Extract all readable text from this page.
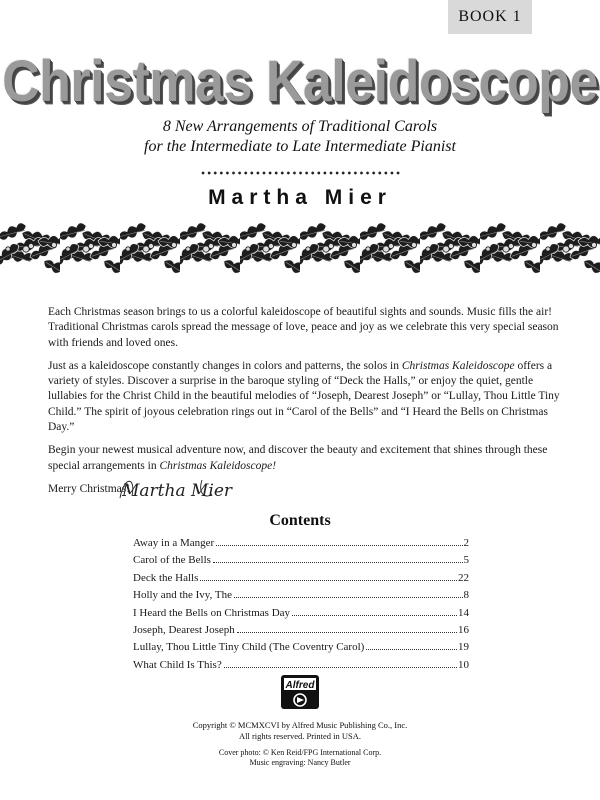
BOOK 1
Christmas Kaleidoscope
8 New Arrangements of Traditional Carols
for the Intermediate to Late Intermediate Pianist
Martha Mier

Each Christmas season brings to us a colorful kaleidoscope of beautiful sights and sounds. Music fills the air! Traditional Christmas carols spread the message of love, peace and joy as we celebrate this very special season with friends and loved ones.

Just as a kaleidoscope constantly changes in colors and patterns, the solos in Christmas Kaleidoscope offers a variety of styles. Discover a surprise in the baroque styling of “Deck the Halls,” or enjoy the quiet, gentle lullabies for the Christ Child in the beautiful melodies of “Joseph, Dearest Joseph” or “Lullay, Thou Little Tiny Child.” The spirit of joyous celebration rings out in “Carol of the Bells” and “I Heard the Bells on Christmas Day.”

Begin your newest musical adventure now, and discover the beauty and excitement that shines through these special arrangements in Christmas Kaleidoscope!

Merry Christmas!

Martha Mier
Contents
Away in a Manger	2
Carol of the Bells	5
Deck the Halls	22
Holly and the Ivy, The	8
I Heard the Bells on Christmas Day	14
Joseph, Dearest Joseph	16
Lullay, Thou Little Tiny Child (The Coventry Carol)	19
What Child Is This?	10
Alfred
Copyright © MCMXCVI by Alfred Music Publishing Co., Inc.
All rights reserved. Printed in USA.
Cover photo: © Ken Reid/FPG International Corp.
Music engraving: Nancy Butler
